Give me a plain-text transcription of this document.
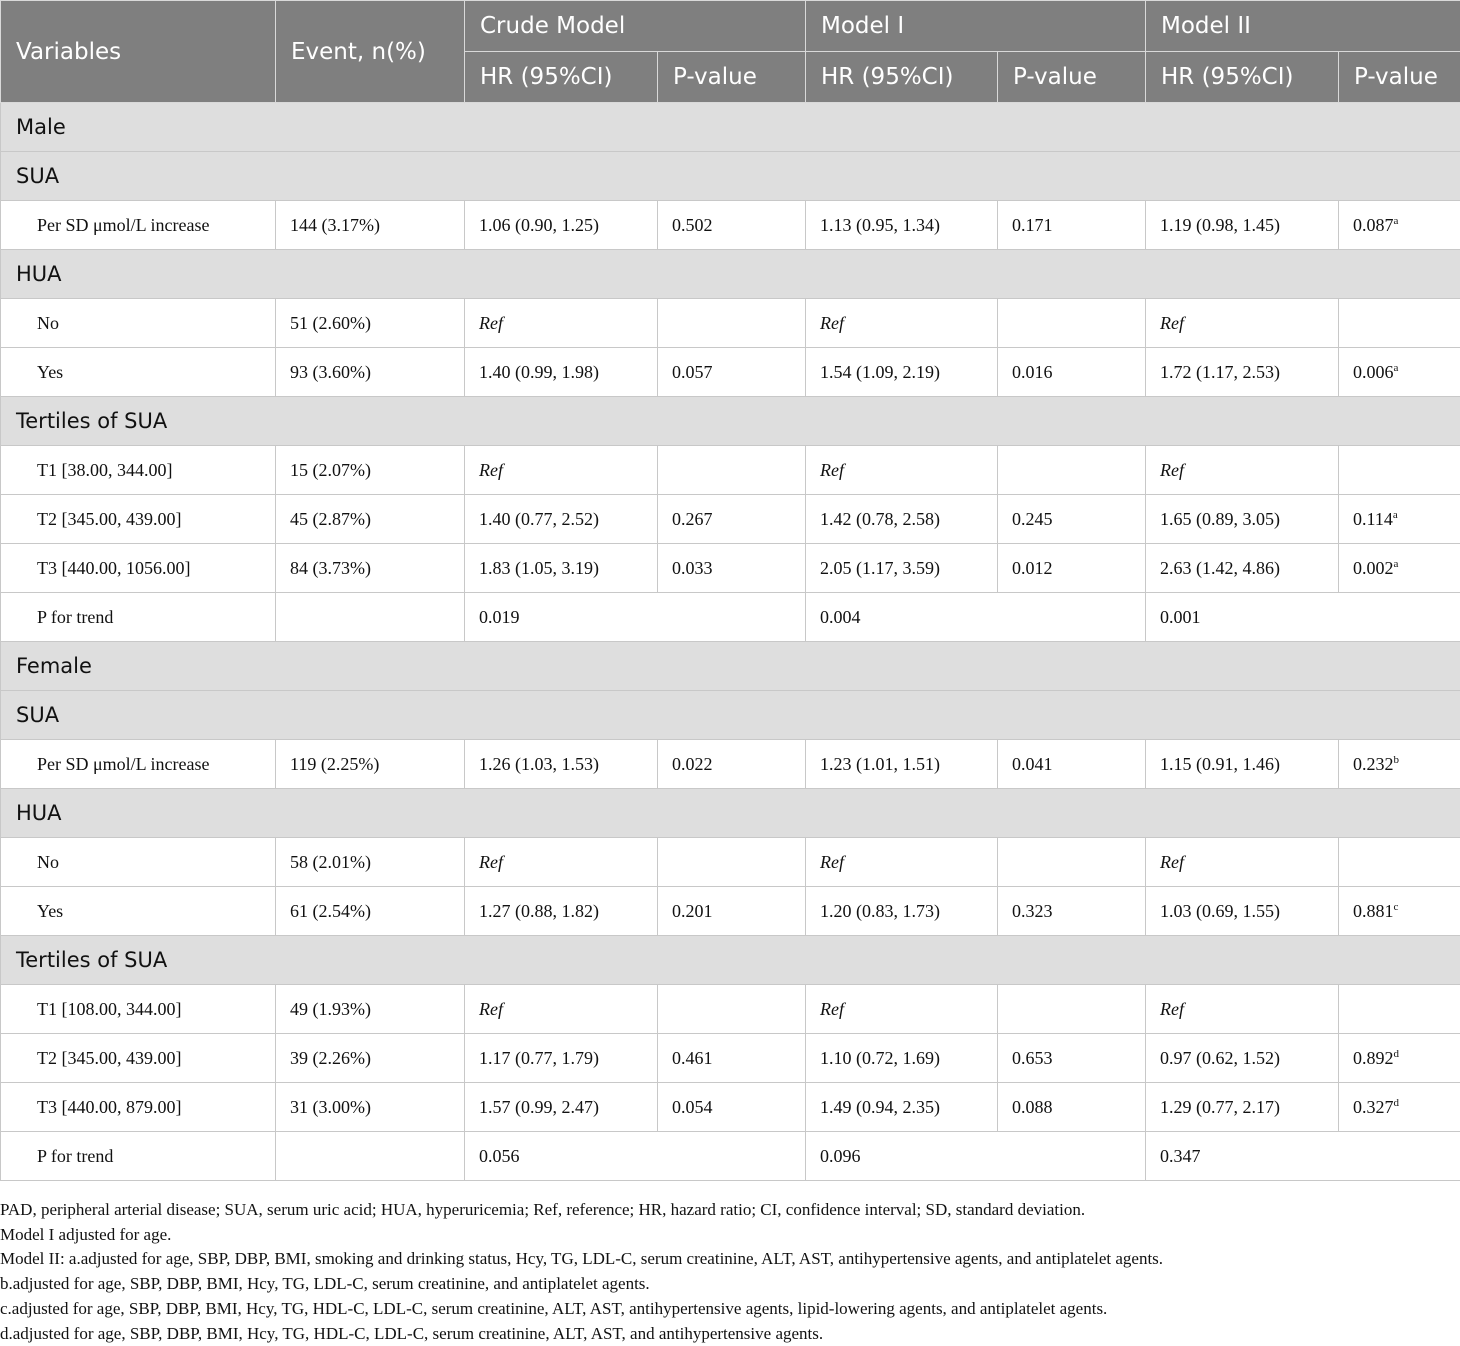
Variables	Event, n(%)	Crude Model		Model I		Model II	
		HR (95%CI)	P-value	HR (95%CI)	P-value	HR (95%CI)	P-value
Male							
SUA							
Per SD μmol/L increase	144 (3.17%)	1.06 (0.90, 1.25)	0.502	1.13 (0.95, 1.34)	0.171	1.19 (0.98, 1.45)	0.087$^a$
HUA							
No	51 (2.60%)	Ref		Ref		Ref	
Yes	93 (3.60%)	1.40 (0.99, 1.98)	0.057	1.54 (1.09, 2.19)	0.016	1.72 (1.17, 2.53)	0.006$^a$
Tertiles of SUA							
T1 [38.00, 344.00]	15 (2.07%)	Ref		Ref		Ref	
T2 [345.00, 439.00]	45 (2.87%)	1.40 (0.77, 2.52)	0.267	1.42 (0.78, 2.58)	0.245	1.65 (0.89, 3.05)	0.114$^a$
T3 [440.00, 1056.00]	84 (3.73%)	1.83 (1.05, 3.19)	0.033	2.05 (1.17, 3.59)	0.012	2.63 (1.42, 4.86)	0.002$^a$
P for trend		0.019		0.004		0.001	
Female							
SUA							
Per SD μmol/L increase	119 (2.25%)	1.26 (1.03, 1.53)	0.022	1.23 (1.01, 1.51)	0.041	1.15 (0.91, 1.46)	0.232$^b$
HUA							
No	58 (2.01%)	Ref		Ref		Ref	
Yes	61 (2.54%)	1.27 (0.88, 1.82)	0.201	1.20 (0.83, 1.73)	0.323	1.03 (0.69, 1.55)	0.881$^c$
Tertiles of SUA							
T1 [108.00, 344.00]	49 (1.93%)	Ref		Ref		Ref	
T2 [345.00, 439.00]	39 (2.26%)	1.17 (0.77, 1.79)	0.461	1.10 (0.72, 1.69)	0.653	0.97 (0.62, 1.52)	0.892$^d$
T3 [440.00, 879.00]	31 (3.00%)	1.57 (0.99, 2.47)	0.054	1.49 (0.94, 2.35)	0.088	1.29 (0.77, 2.17)	0.327$^d$
P for trend		0.056		0.096		0.347	
PAD, peripheral arterial disease; SUA, serum uric acid; HUA, hyperuricemia; Ref, reference; HR, hazard ratio; CI, confidence interval; SD, standard deviation.
Model I adjusted for age.
Model II: a.adjusted for age, SBP, DBP, BMI, smoking and drinking status, Hcy, TG, LDL-C, serum creatinine, ALT, AST, antihypertensive agents, and antiplatelet agents.
b.adjusted for age, SBP, DBP, BMI, Hcy, TG, LDL-C, serum creatinine, and antiplatelet agents.
c.adjusted for age, SBP, DBP, BMI, Hcy, TG, HDL-C, LDL-C, serum creatinine, ALT, AST, antihypertensive agents, lipid-lowering agents, and antiplatelet agents.
d.adjusted for age, SBP, DBP, BMI, Hcy, TG, HDL-C, LDL-C, serum creatinine, ALT, AST, and antihypertensive agents.
